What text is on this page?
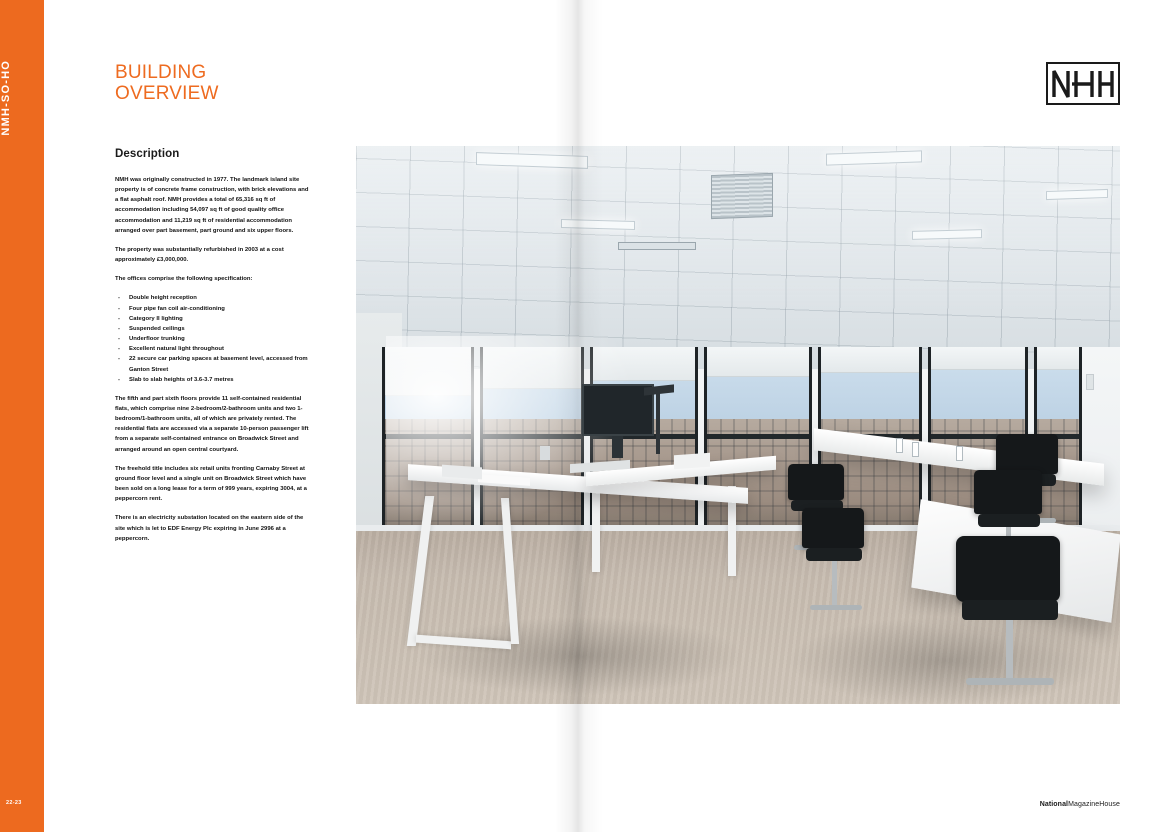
NMH-SO-HO
22-23
BUILDING
OVERVIEW
Description

NMH was originally constructed in 1977. The landmark island site property is of concrete frame construction, with brick elevations and a flat asphalt roof. NMH provides a total of 65,316 sq ft of accommodation including 54,097 sq ft of good quality office accommodation and 11,219 sq ft of residential accommodation arranged over part basement, part ground and six upper floors.

The property was substantially refurbished in 2003 at a cost approximately £3,000,000.

The offices comprise the following specification:

- Double height reception
- Four pipe fan coil air-conditioning
- Category II lighting
- Suspended ceilings
- Underfloor trunking
- Excellent natural light throughout
- 22 secure car parking spaces at basement level, accessed from Ganton Street
- Slab to slab heights of 3.6-3.7 metres

The fifth and part sixth floors provide 11 self-contained residential flats, which comprise nine 2-bedroom/2-bathroom units and two 1-bedroom/1-bathroom units, all of which are privately rented. The residential flats are accessed via a separate 10-person passenger lift from a separate self-contained entrance on Broadwick Street and arranged around an open central courtyard.

The freehold title includes six retail units fronting Carnaby Street at ground floor level and a single unit on Broadwick Street which have been sold on a long lease for a term of 999 years, expiring 3004, at a peppercorn rent.

There is an electricity substation located on the eastern side of the site which is let to EDF Energy Plc expiring in June 2996 at a peppercorn.

NationalMagazineHouse
